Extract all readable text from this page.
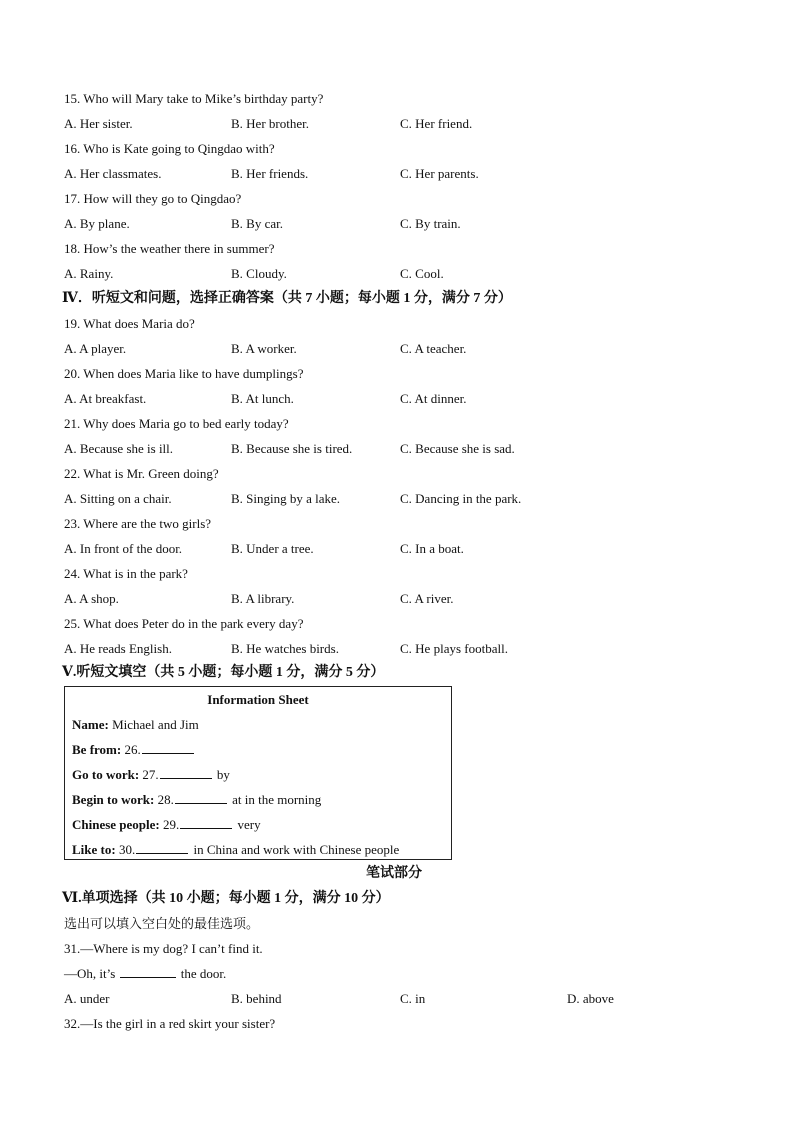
15. Who will Mary take to Mike’s birthday party?
A. Her sister.	B. Her brother.	C. Her friend.
16. Who is Kate going to Qingdao with?
A. Her classmates.	B. Her friends.	C. Her parents.
17. How will they go to Qingdao?
A. By plane.	B. By car.	C. By train.
18. How’s the weather there in summer?
A. Rainy.	B. Cloudy.	C. Cool.
Ⅳ．听短文和问题，选择正确答案（共 7 小题；每小题 1 分，满分 7 分）
19. What does Maria do?
A. A player.	B. A worker.	C. A teacher.
20. When does Maria like to have dumplings?
A. At breakfast.	B. At lunch.	C. At dinner.
21. Why does Maria go to bed early today?
A. Because she is ill.	B. Because she is tired.	C. Because she is sad.
22. What is Mr. Green doing?
A. Sitting on a chair.	B. Singing by a lake.	C. Dancing in the park.
23. Where are the two girls?
A. In front of the door.	B. Under a tree.	C. In a boat.
24. What is in the park?
A. A shop.	B. A library.	C. A river.
25. What does Peter do in the park every day?
A. He reads English.	B. He watches birds.	C. He plays football.
Ⅴ.听短文填空（共 5 小题；每小题 1 分，满分 5 分）
Information Sheet
Name: Michael and Jim
Be from: 26.
Go to work: 27.	by
Begin to work: 28.	at in the morning
Chinese people: 29.	very
Like to: 30.	in China and work with Chinese people
笔试部分
Ⅵ.单项选择（共 10 小题；每小题 1 分，满分 10 分）
选出可以填入空白处的最佳选项。
31.—Where is my dog? I can’t find it.
—Oh, it’s	the door.
A. under	B. behind	C. in	D. above
32.—Is the girl in a red skirt your sister?
